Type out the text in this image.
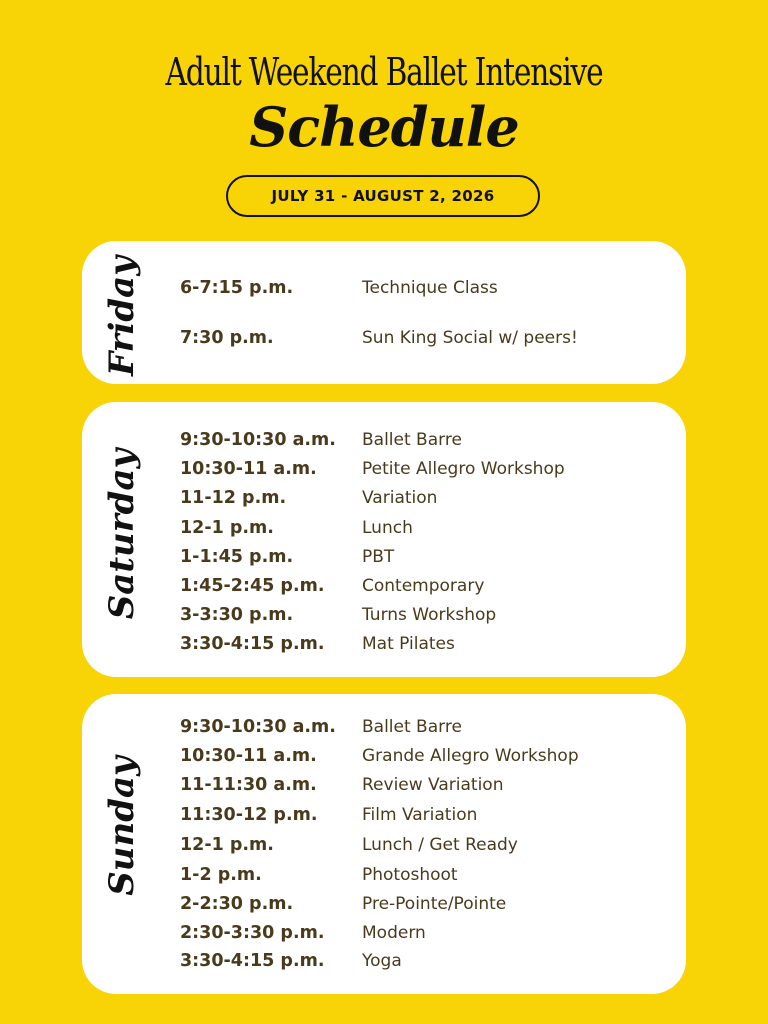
Adult Weekend Ballet Intensive
Schedule
JULY 31 - AUGUST 2, 2026
Friday 6-7:15 p.m.	Technique Class
7:30 p.m.	Sun King Social w/ peers!
Saturday
9:30-10:30 a.m. Ballet Barre
10:30-11 a.m.	Petite Allegro Workshop
11-12 p.m.	Variation
12-1 p.m.	Lunch
1-1:45 p.m.	PBT
1:45-2:45 p.m. Contemporary
3-3:30 p.m.	Turns Workshop
3:30-4:15 p.m. Mat Pilates
Sunday
9:30-10:30 a.m. Ballet Barre
10:30-11 a.m.	Grande Allegro Workshop
11-11:30 a.m.	Review Variation
11:30-12 p.m.	Film Variation
12-1 p.m.	Lunch / Get Ready
1-2 p.m.	Photoshoot
2-2:30 p.m.	Pre-Pointe/Pointe
2:30-3:30 p.m. Modern
3:30-4:15 p.m. Yoga
